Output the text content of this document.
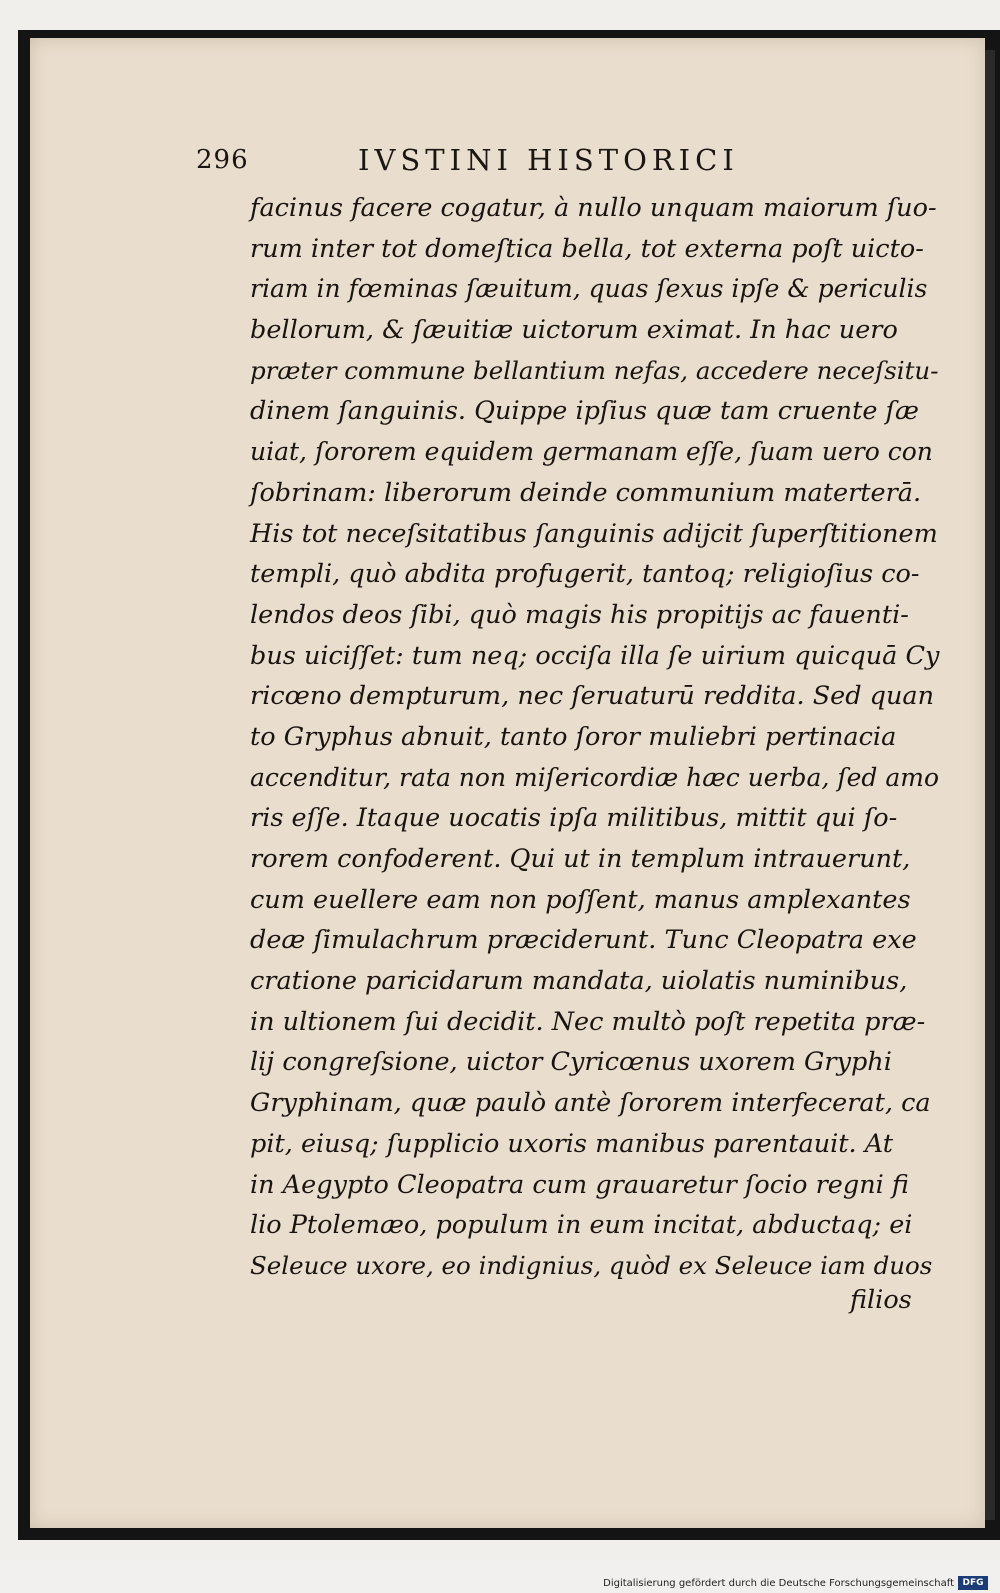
296	IVSTINI HISTORICI
facinus facere cogatur, à nullo unquam maiorum ſuo-
rum inter tot domeſtica bella, tot externa poſt uicto-
riam in fœminas ſæuitum, quas ſexus ipſe & periculis
bellorum, & ſæuitiæ uictorum eximat. In hac uero
præter commune bellantium nefas, accedere neceſsitu-
dinem ſanguinis. Quippe ipſius quæ tam cruente ſæ
uiat, ſororem equidem germanam eſſe, ſuam uero con
ſobrinam: liberorum deinde communium materterā.
His tot neceſsitatibus ſanguinis adijcit ſuperſtitionem
templi, quò abdita profugerit, tantoq; religioſius co-
lendos deos ſibi, quò magis his propitijs ac fauenti-
bus uiciſſet: tum neq; occiſa illa ſe uirium quicquā Cy
ricœno dempturum, nec ſeruaturū reddita. Sed quan
to Gryphus abnuit, tanto ſoror muliebri pertinacia
accenditur, rata non miſericordiæ hæc uerba, ſed amo
ris eſſe. Itaque uocatis ipſa militibus, mittit qui ſo-
rorem confoderent. Qui ut in templum intrauerunt,
cum euellere eam non poſſent, manus amplexantes
deæ ſimulachrum præciderunt. Tunc Cleopatra exe
cratione paricidarum mandata, uiolatis numinibus,
in ultionem ſui decidit. Nec multò poſt repetita præ-
lij congreſsione, uictor Cyricœnus uxorem Gryphi
Gryphinam, quæ paulò antè ſororem interfecerat, ca
pit, eiusq; ſupplicio uxoris manibus parentauit. At
in Aegypto Cleopatra cum grauaretur ſocio regni fi
lio Ptolemæo, populum in eum incitat, abductaq; ei
Seleuce uxore, eo indignius, quòd ex Seleuce iam duos
filios
Digitalisierung gefördert durch die Deutsche Forschungsgemeinschaft DFG
